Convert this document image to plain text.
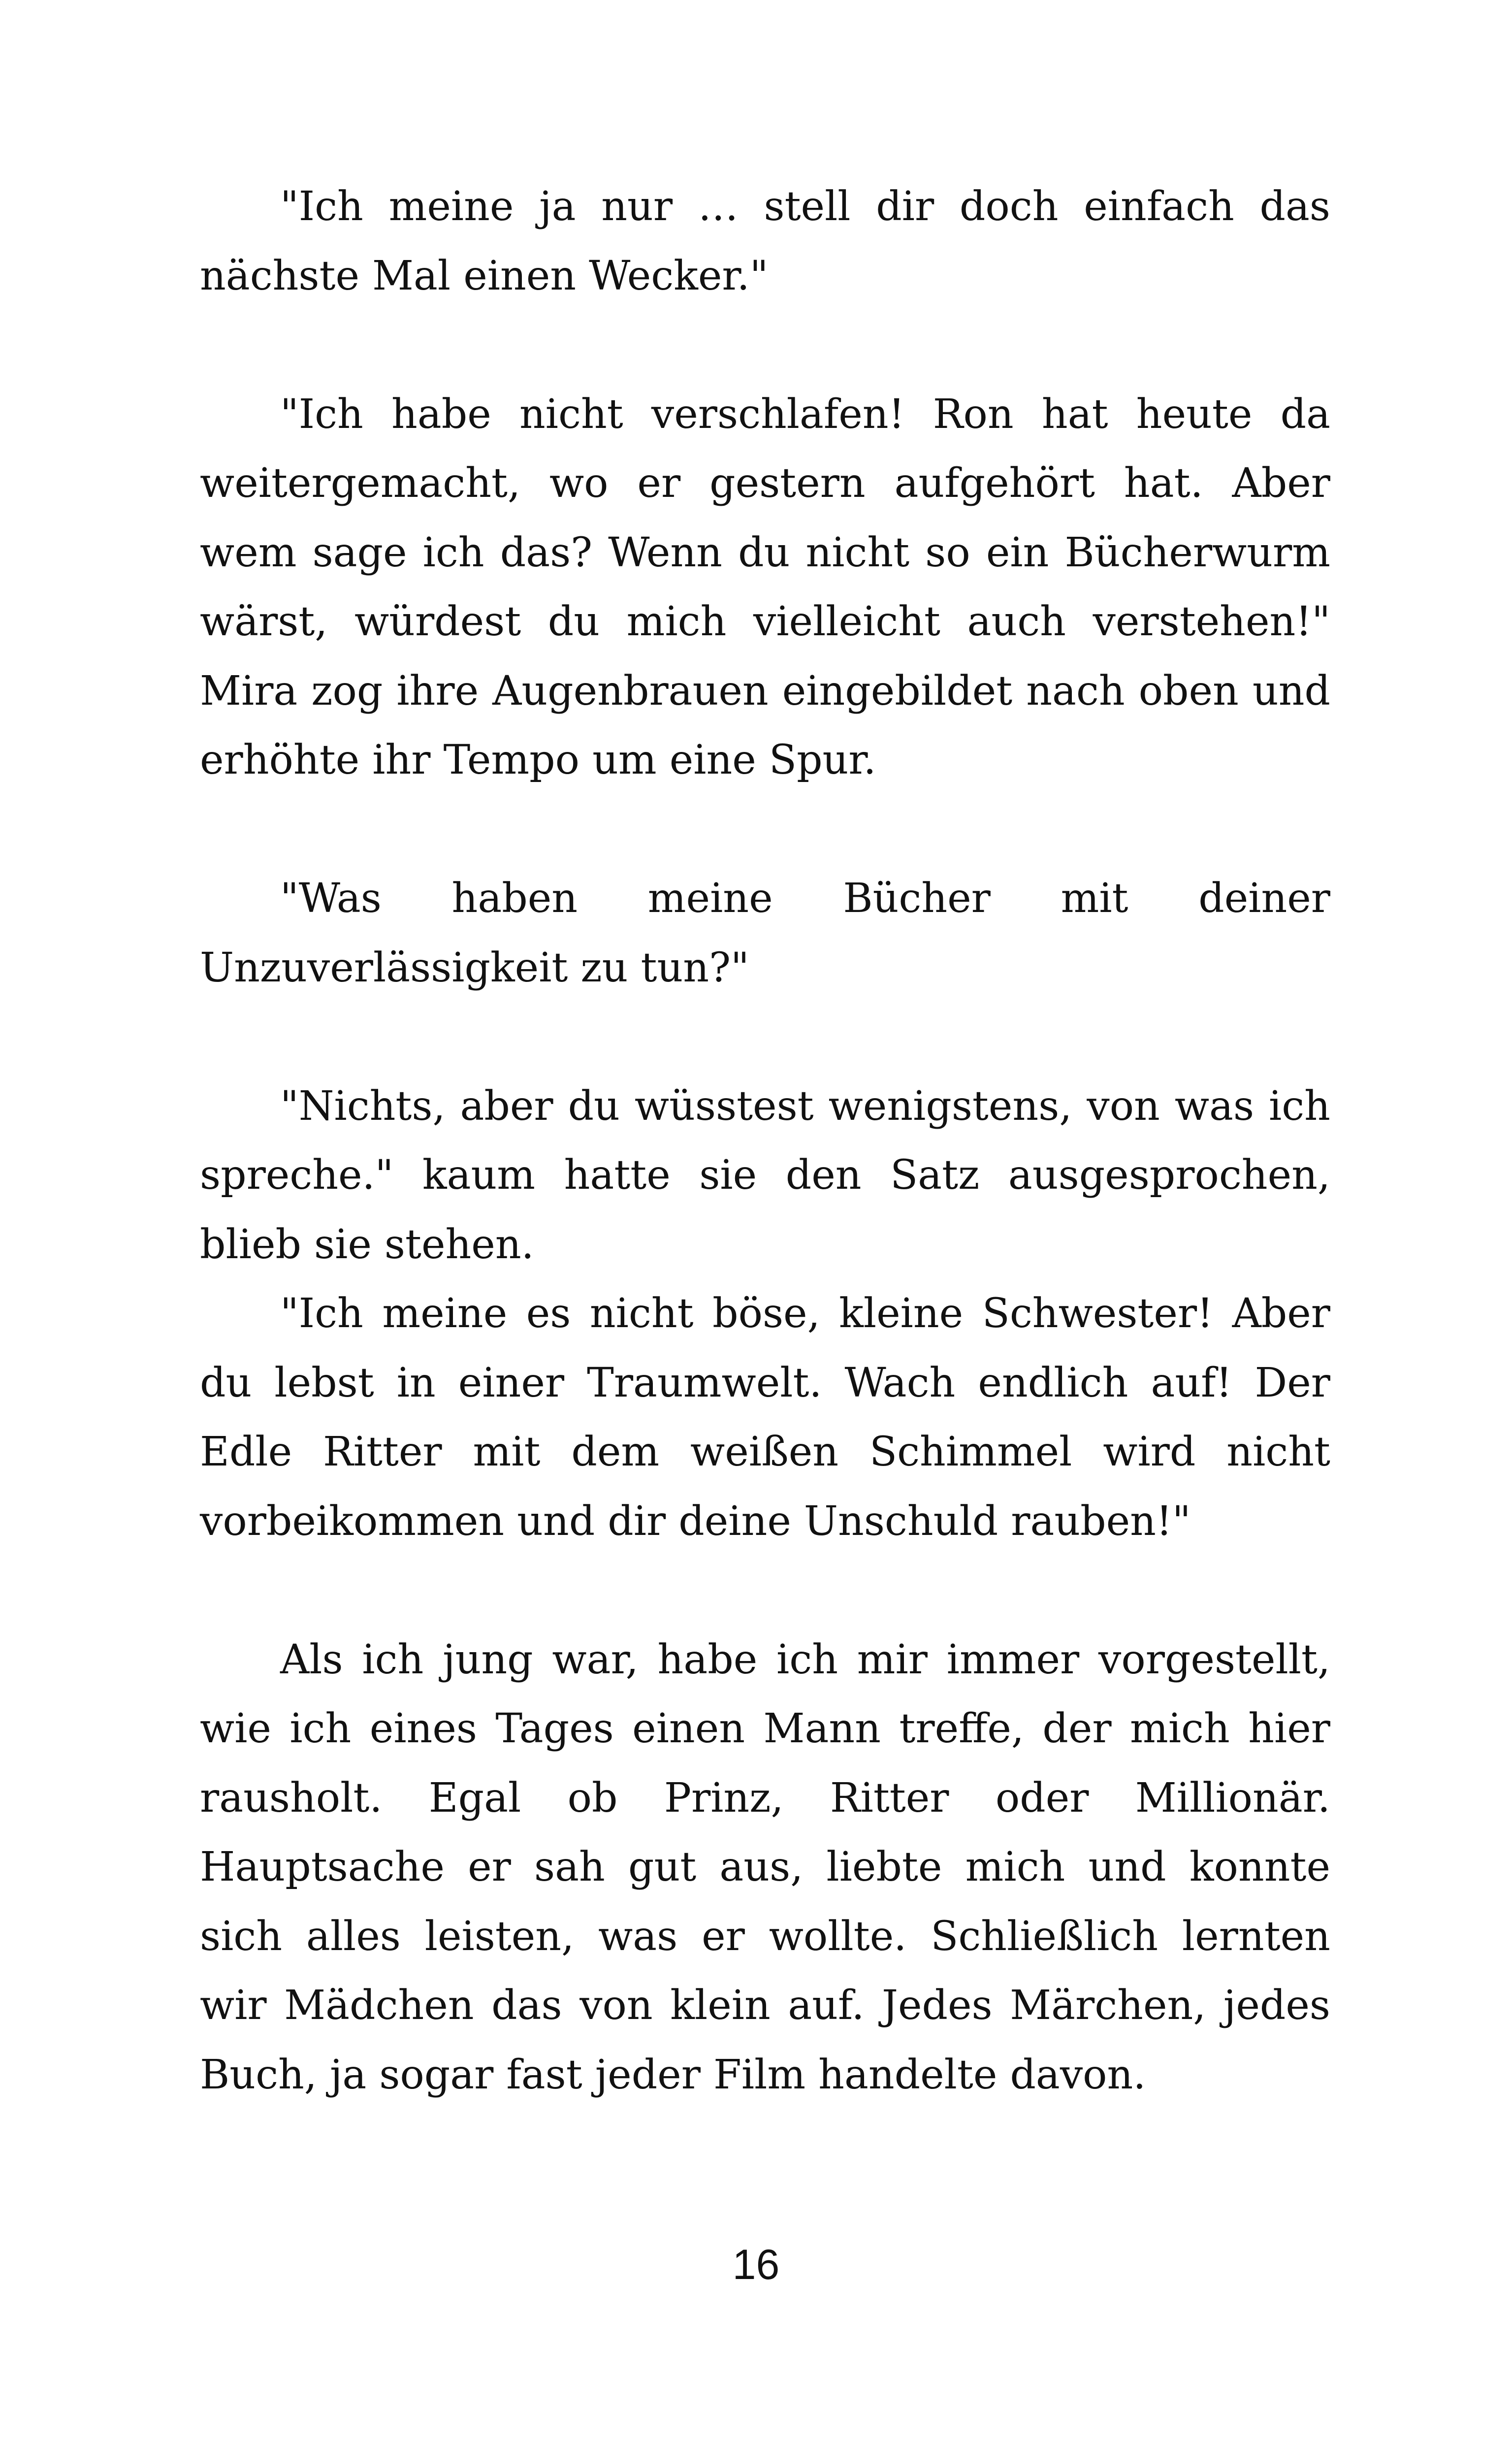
"Ich meine ja nur … stell dir doch einfach das nächste Mal einen Wecker."

"Ich habe nicht verschlafen! Ron hat heute da weitergemacht, wo er gestern aufgehört hat. Aber wem sage ich das? Wenn du nicht so ein Bücherwurm wärst, würdest du mich vielleicht auch verstehen!" Mira zog ihre Augenbrauen eingebildet nach oben und erhöhte ihr Tempo um eine Spur.

"Was haben meine Bücher mit deiner Unzuverlässigkeit zu tun?"

"Nichts, aber du wüsstest wenigstens, von was ich spreche." kaum hatte sie den Satz ausgesprochen, blieb sie stehen.

"Ich meine es nicht böse, kleine Schwester! Aber du lebst in einer Traumwelt. Wach endlich auf! Der Edle Ritter mit dem weißen Schimmel wird nicht vorbeikommen und dir deine Unschuld rauben!"

Als ich jung war, habe ich mir immer vorgestellt, wie ich eines Tages einen Mann treffe, der mich hier rausholt. Egal ob Prinz, Ritter oder Millionär. Hauptsache er sah gut aus, liebte mich und konnte sich alles leisten, was er wollte. Schließlich lernten wir Mädchen das von klein auf. Jedes Märchen, jedes Buch, ja sogar fast jeder Film handelte davon.

16
